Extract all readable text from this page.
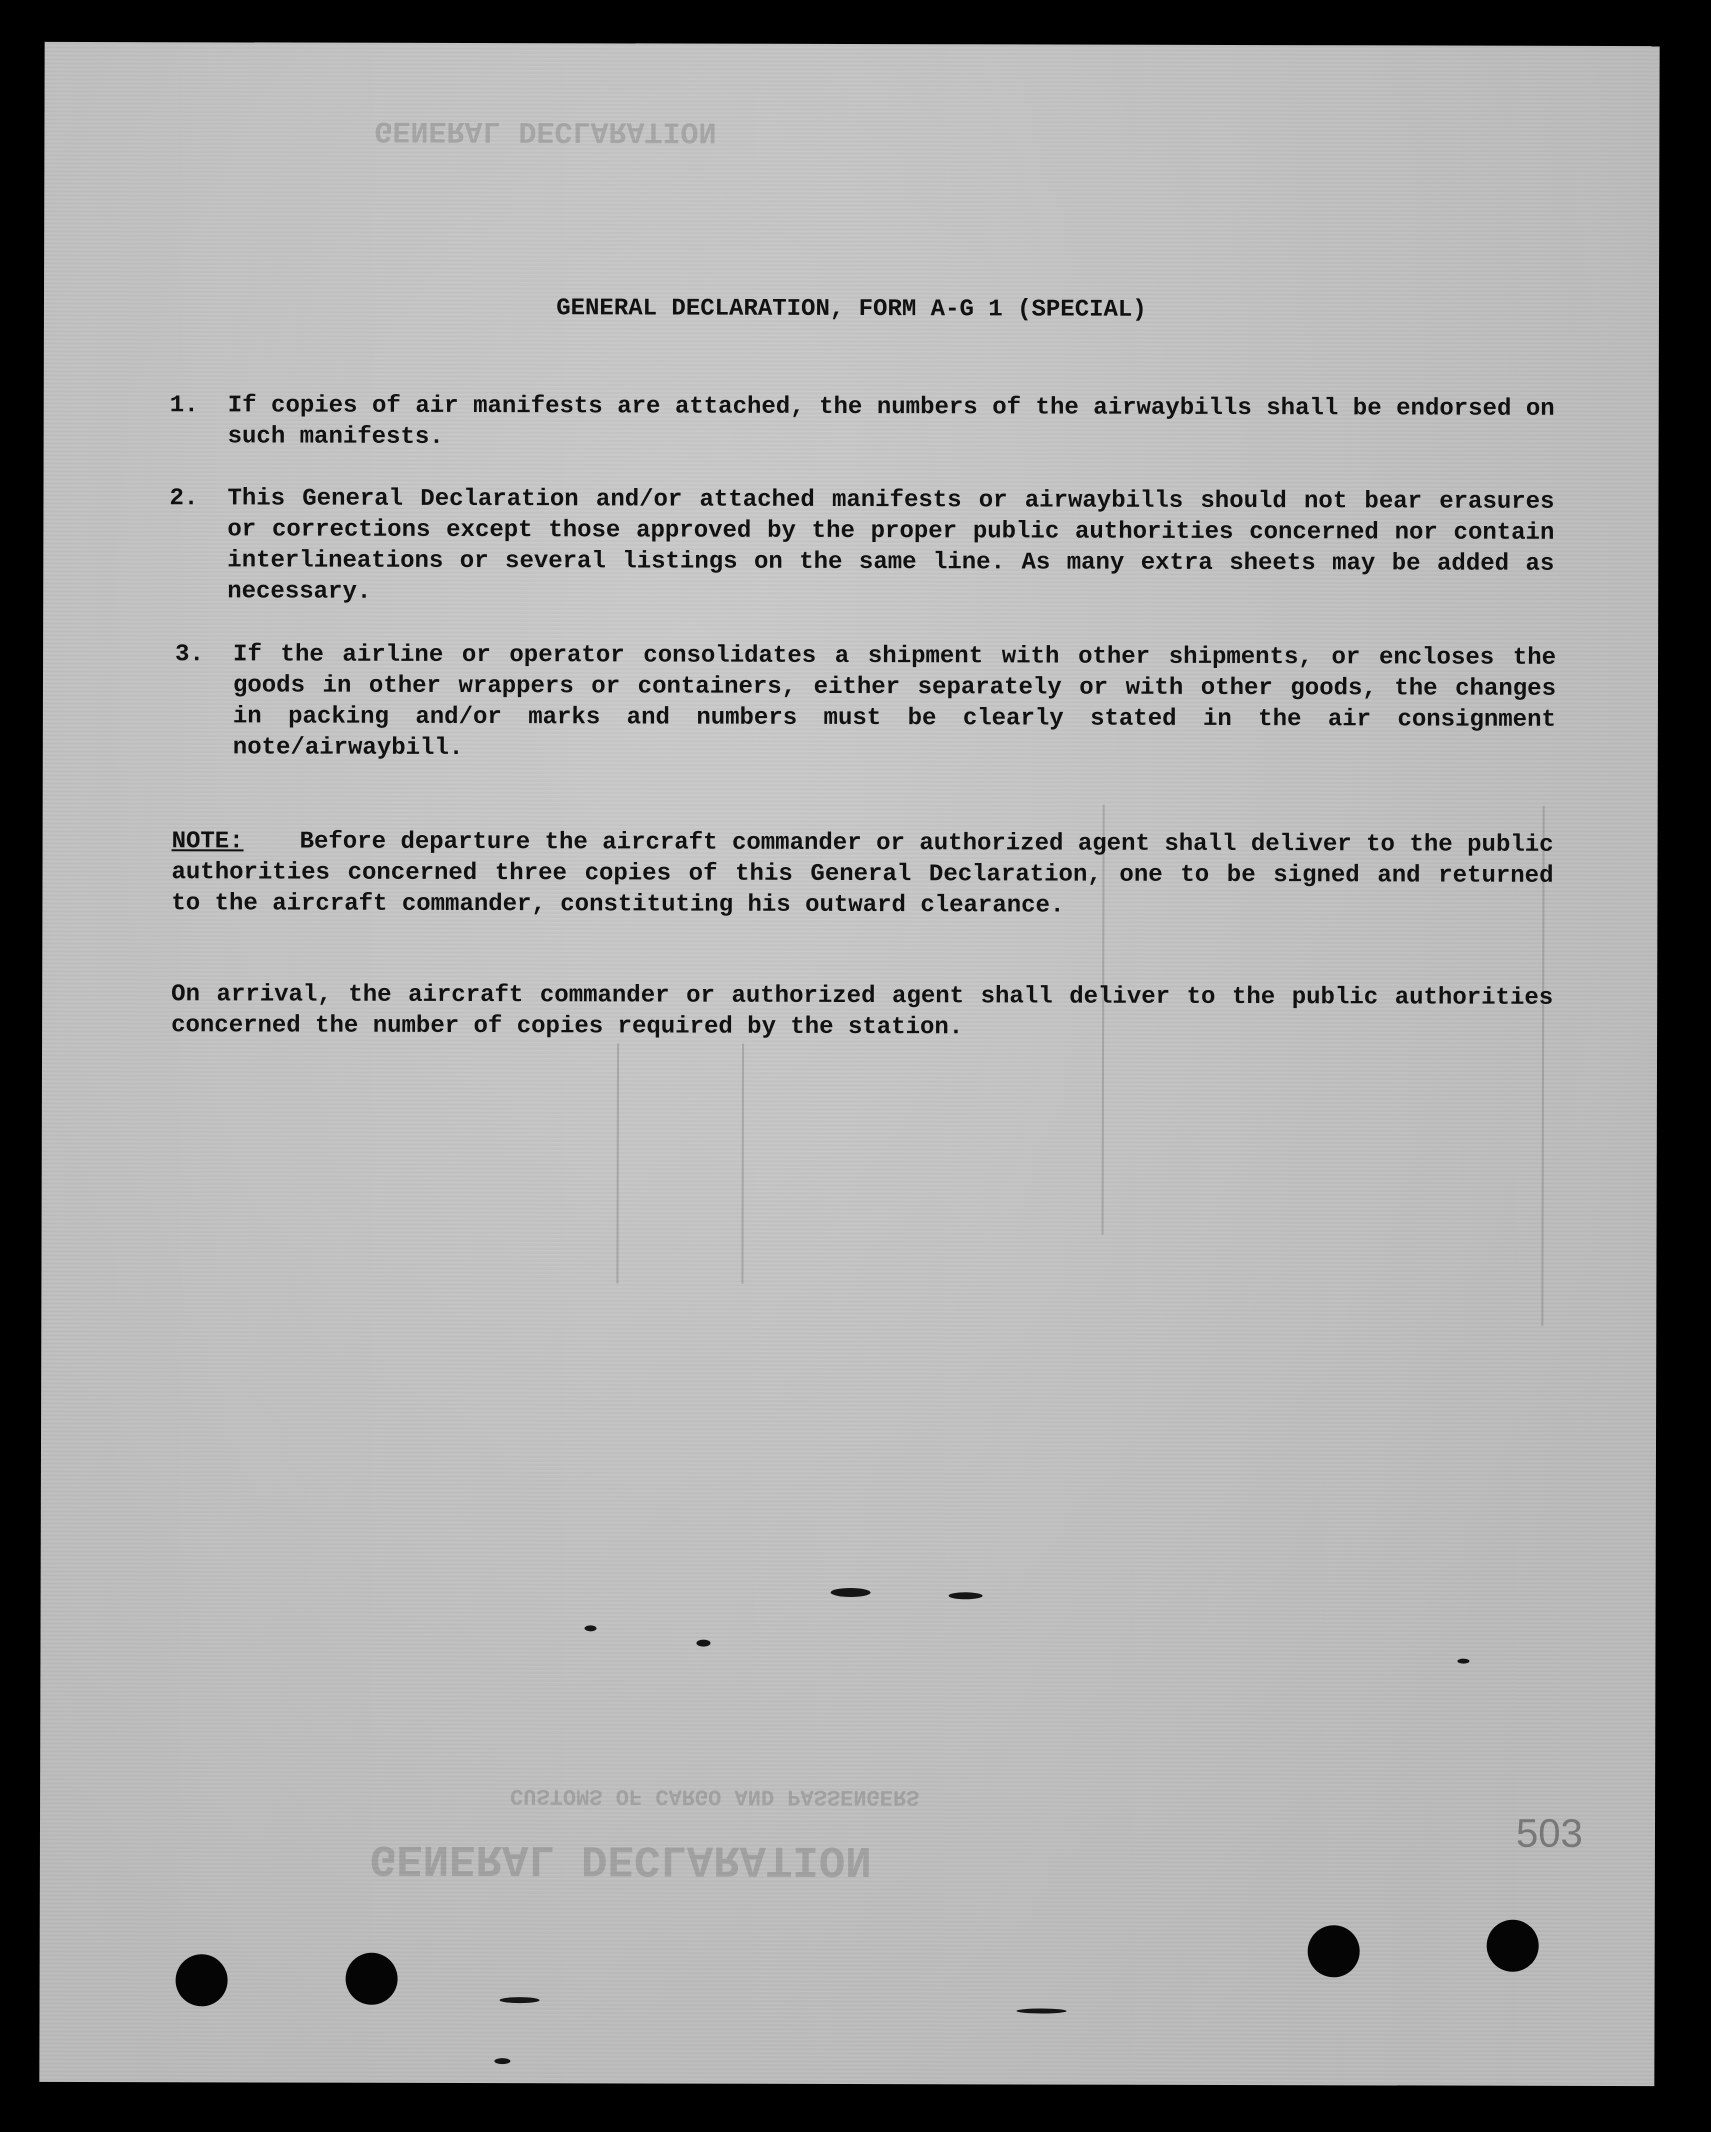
GENERAL DECLARATION
GENERAL DECLARATION
CUSTOMS OF CARGO AND PASSENGERS
GENERAL DECLARATION, FORM A-G 1 (SPECIAL)
1.	If copies of air manifests are attached, the numbers of the airwaybills shall be endorsed on such manifests.
2.	This General Declaration and/or attached manifests or airwaybills should not bear erasures or corrections except those approved by the proper public authorities concerned nor contain interlineations or several listings on the same line. As many extra sheets may be added as necessary.
3.	If the airline or operator consolidates a shipment with other shipments, or encloses the goods in other wrappers or containers, either separately or with other goods, the changes in packing and/or marks and numbers must be clearly stated in the air consignment note/airwaybill.
NOTE: Before departure the aircraft commander or authorized agent shall deliver to the public authorities concerned three copies of this General Declaration, one to be signed and returned to the aircraft commander, constituting his outward clearance.
On arrival, the aircraft commander or authorized agent shall deliver to the public authorities concerned the number of copies required by the station.
503
